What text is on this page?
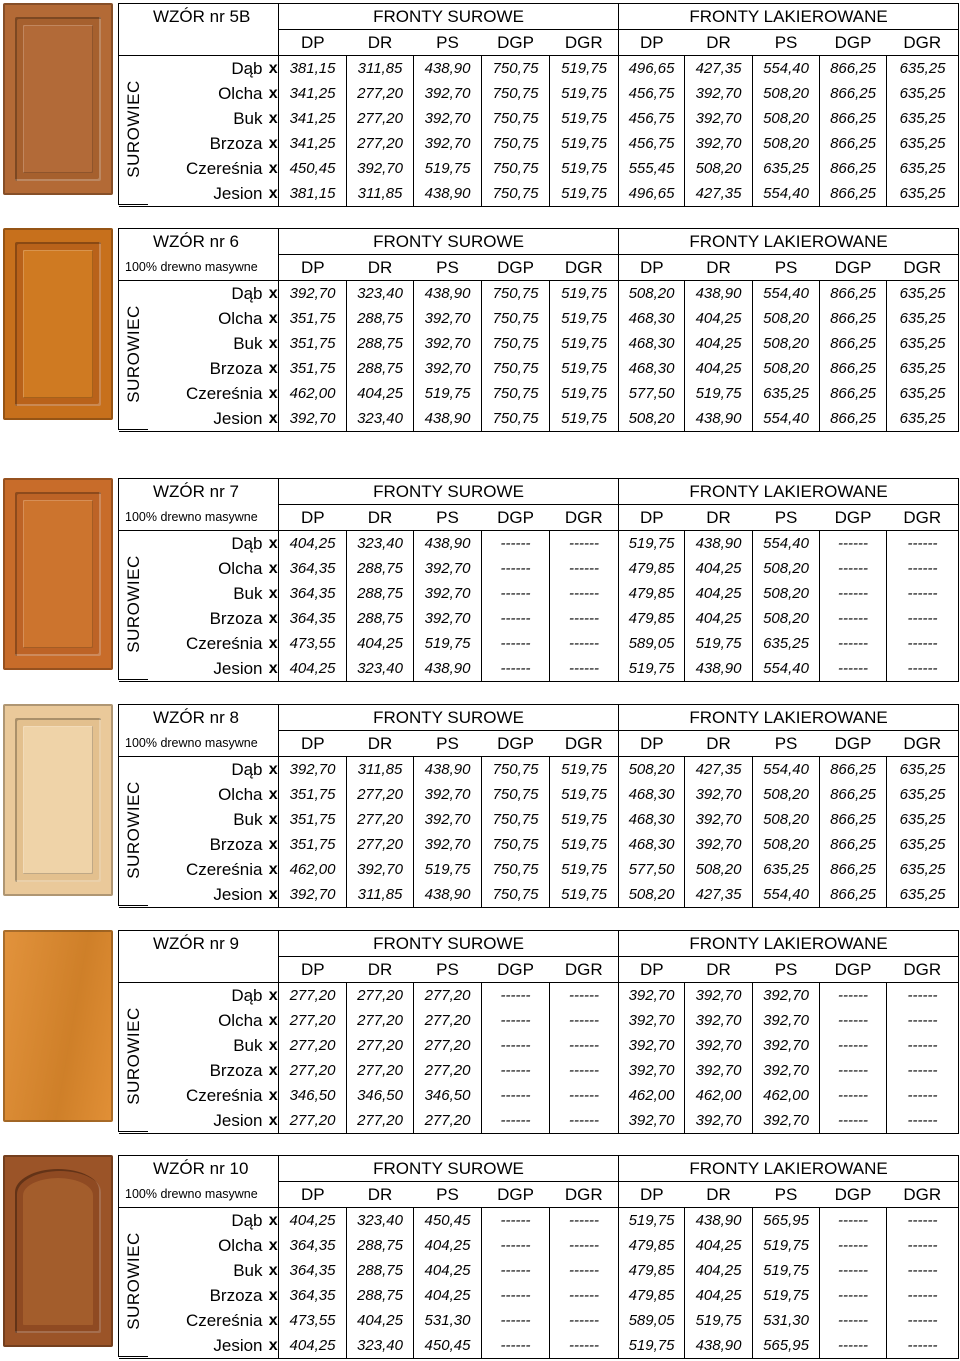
WZÓR nr 5B		FRONTY SUROWE					FRONTY LAKIEROWANE				
		DP	DR	PS	DGP	DGR	DP	DR	PS	DGP	DGR
Dąb	x	381,15	311,85	438,90	750,75	519,75	496,65	427,35	554,40	866,25	635,25
Olcha	x	341,25	277,20	392,70	750,75	519,75	456,75	392,70	508,20	866,25	635,25
Buk	x	341,25	277,20	392,70	750,75	519,75	456,75	392,70	508,20	866,25	635,25
Brzoza	x	341,25	277,20	392,70	750,75	519,75	456,75	392,70	508,20	866,25	635,25
Czereśnia	x	450,45	392,70	519,75	750,75	519,75	555,45	508,20	635,25	866,25	635,25
Jesion	x	381,15	311,85	438,90	750,75	519,75	496,65	427,35	554,40	866,25	635,25
SUROWIEC
WZÓR nr 6		FRONTY SUROWE					FRONTY LAKIEROWANE				
100% drewno masywne		DP	DR	PS	DGP	DGR	DP	DR	PS	DGP	DGR
Dąb	x	392,70	323,40	438,90	750,75	519,75	508,20	438,90	554,40	866,25	635,25
Olcha	x	351,75	288,75	392,70	750,75	519,75	468,30	404,25	508,20	866,25	635,25
Buk	x	351,75	288,75	392,70	750,75	519,75	468,30	404,25	508,20	866,25	635,25
Brzoza	x	351,75	288,75	392,70	750,75	519,75	468,30	404,25	508,20	866,25	635,25
Czereśnia	x	462,00	404,25	519,75	750,75	519,75	577,50	519,75	635,25	866,25	635,25
Jesion	x	392,70	323,40	438,90	750,75	519,75	508,20	438,90	554,40	866,25	635,25
SUROWIEC
WZÓR nr 7		FRONTY SUROWE					FRONTY LAKIEROWANE				
100% drewno masywne		DP	DR	PS	DGP	DGR	DP	DR	PS	DGP	DGR
Dąb	x	404,25	323,40	438,90	------	------	519,75	438,90	554,40	------	------
Olcha	x	364,35	288,75	392,70	------	------	479,85	404,25	508,20	------	------
Buk	x	364,35	288,75	392,70	------	------	479,85	404,25	508,20	------	------
Brzoza	x	364,35	288,75	392,70	------	------	479,85	404,25	508,20	------	------
Czereśnia	x	473,55	404,25	519,75	------	------	589,05	519,75	635,25	------	------
Jesion	x	404,25	323,40	438,90	------	------	519,75	438,90	554,40	------	------
SUROWIEC
WZÓR nr 8		FRONTY SUROWE					FRONTY LAKIEROWANE				
100% drewno masywne		DP	DR	PS	DGP	DGR	DP	DR	PS	DGP	DGR
Dąb	x	392,70	311,85	438,90	750,75	519,75	508,20	427,35	554,40	866,25	635,25
Olcha	x	351,75	277,20	392,70	750,75	519,75	468,30	392,70	508,20	866,25	635,25
Buk	x	351,75	277,20	392,70	750,75	519,75	468,30	392,70	508,20	866,25	635,25
Brzoza	x	351,75	277,20	392,70	750,75	519,75	468,30	392,70	508,20	866,25	635,25
Czereśnia	x	462,00	392,70	519,75	750,75	519,75	577,50	508,20	635,25	866,25	635,25
Jesion	x	392,70	311,85	438,90	750,75	519,75	508,20	427,35	554,40	866,25	635,25
SUROWIEC
WZÓR nr 9		FRONTY SUROWE					FRONTY LAKIEROWANE				
		DP	DR	PS	DGP	DGR	DP	DR	PS	DGP	DGR
Dąb	x	277,20	277,20	277,20	------	------	392,70	392,70	392,70	------	------
Olcha	x	277,20	277,20	277,20	------	------	392,70	392,70	392,70	------	------
Buk	x	277,20	277,20	277,20	------	------	392,70	392,70	392,70	------	------
Brzoza	x	277,20	277,20	277,20	------	------	392,70	392,70	392,70	------	------
Czereśnia	x	346,50	346,50	346,50	------	------	462,00	462,00	462,00	------	------
Jesion	x	277,20	277,20	277,20	------	------	392,70	392,70	392,70	------	------
SUROWIEC
WZÓR nr 10		FRONTY SUROWE					FRONTY LAKIEROWANE				
100% drewno masywne		DP	DR	PS	DGP	DGR	DP	DR	PS	DGP	DGR
Dąb	x	404,25	323,40	450,45	------	------	519,75	438,90	565,95	------	------
Olcha	x	364,35	288,75	404,25	------	------	479,85	404,25	519,75	------	------
Buk	x	364,35	288,75	404,25	------	------	479,85	404,25	519,75	------	------
Brzoza	x	364,35	288,75	404,25	------	------	479,85	404,25	519,75	------	------
Czereśnia	x	473,55	404,25	531,30	------	------	589,05	519,75	531,30	------	------
Jesion	x	404,25	323,40	450,45	------	------	519,75	438,90	565,95	------	------
SUROWIEC
